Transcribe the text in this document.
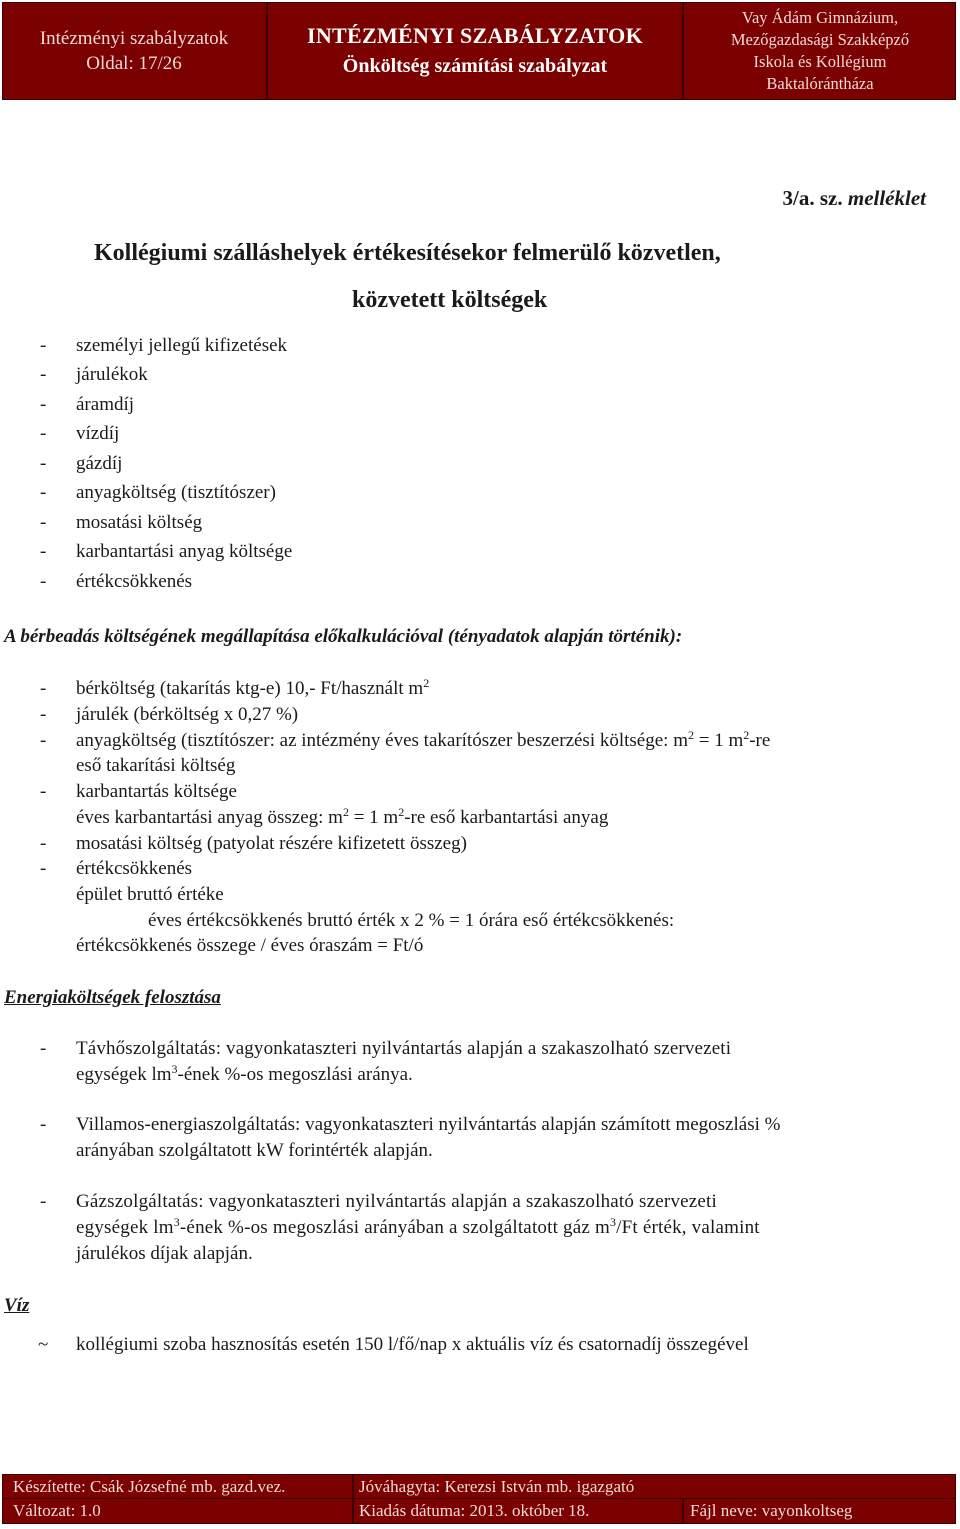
Intézményi szabályzatok
Oldal: 17/26
INTÉZMÉNYI SZABÁLYZATOK
Önköltség számítási szabályzat
Vay Ádám Gimnázium,
Mezőgazdasági Szakképző
Iskola és Kollégium
Baktalórántháza
3/a. sz. melléklet
Kollégiumi szálláshelyek értékesítésekor felmerülő közvetlen,
közvetett költségek
- személyi jellegű kifizetések
- járulékok
- áramdíj
- vízdíj
- gázdíj
- anyagköltség (tisztítószer)
- mosatási költség
- karbantartási anyag költsége
- értékcsökkenés
A bérbeadás költségének megállapítása előkalkulációval (tényadatok alapján történik):
- bérköltség (takarítás ktg-e) 10,- Ft/használt $m^2$
- járulék (bérköltség x 0,27 %)
- anyagköltség (tisztítószer: az intézmény éves takarítószer beszerzési költsége: $m^2 = 1$ $m^2-re$
eső takarítási költség
- karbantartás költsége
éves karbantartási anyag összeg: $m^2 = 1$ $m^2-re$ eső karbantartási anyag
- mosatási költség (patyolat részére kifizetett összeg)
- értékcsökkenés
épület bruttó értéke
éves értékcsökkenés bruttó érték x 2 % = 1 órára eső értékcsökkenés:
értékcsökkenés összege / éves óraszám = Ft/ó
Energiaköltségek felosztása
- Távhőszolgáltatás: vagyonkataszteri nyilvántartás alapján a szakaszolható szervezeti
egységek $lm^3$-ének %-os megoszlási aránya.
- Villamos-energiaszolgáltatás: vagyonkataszteri nyilvántartás alapján számított megoszlási %
arányában szolgáltatott kW forintérték alapján.
- Gázszolgáltatás: vagyonkataszteri nyilvántartás alapján a szakaszolható szervezeti
egységek $lm^3$-ének %-os megoszlási arányában a szolgáltatott gáz $m^3/Ft$ érték, valamint
járulékos díjak alapján.
Víz
~ kollégiumi szoba hasznosítás esetén 150 l/fő/nap x aktuális víz és csatornadíj összegével
Készítette: Csák Józsefné mb. gazd.vez.	Jóváhagyta: Kerezsi István mb. igazgató
Változat: 1.0	Kiadás dátuma: 2013. október 18.	Fájl neve: vayonkoltseg
